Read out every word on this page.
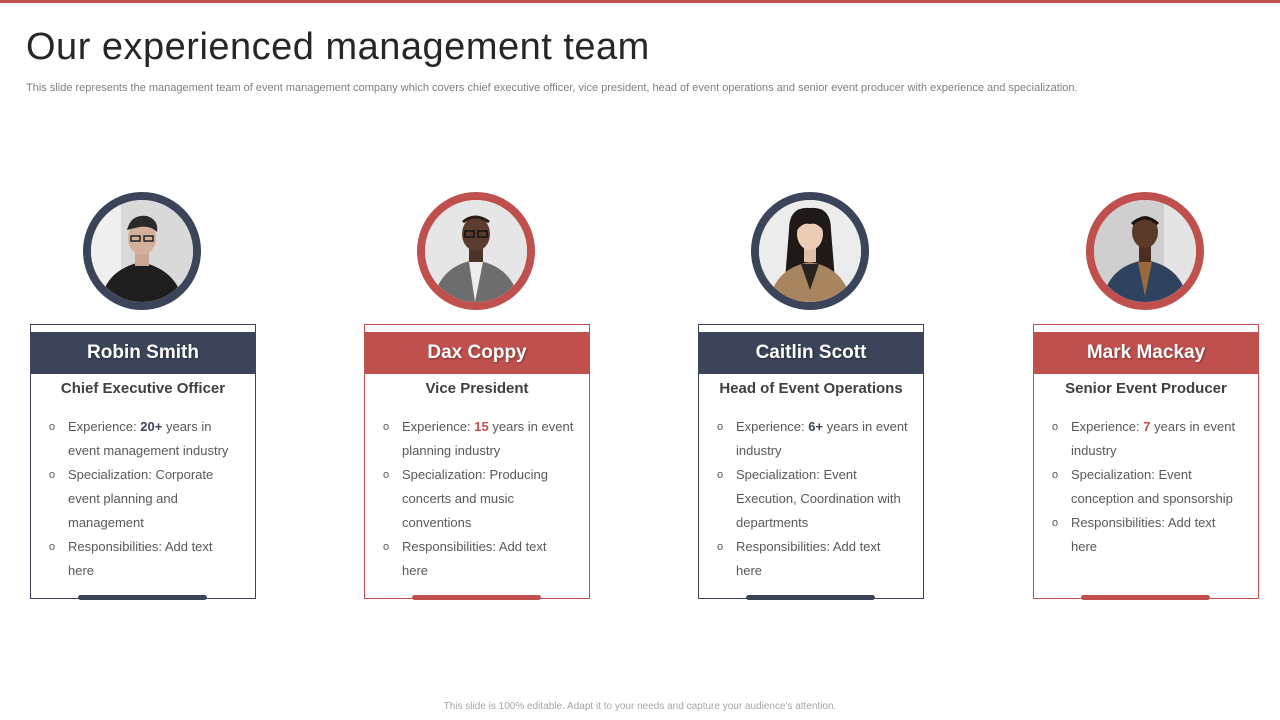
Our experienced management team

This slide represents the management team of event management company which covers chief executive officer, vice president, head of event operations and senior event producer with experience and specialization.

Robin Smith
Chief Executive Officer
o Experience: 20+ years in event management industry
o Specialization: Corporate event planning and management
o Responsibilities: Add text here
Dax Coppy
Vice President
o Experience: 15 years in event planning industry
o Specialization: Producing concerts and music conventions
o Responsibilities: Add text here
Caitlin Scott
Head of Event Operations
o Experience: 6+ years in event industry
o Specialization: Event Execution, Coordination with departments
o Responsibilities: Add text here
Mark Mackay
Senior Event Producer
o Experience: 7 years in event industry
o Specialization: Event conception and sponsorship
o Responsibilities: Add text here
This slide is 100% editable. Adapt it to your needs and capture your audience's attention.
